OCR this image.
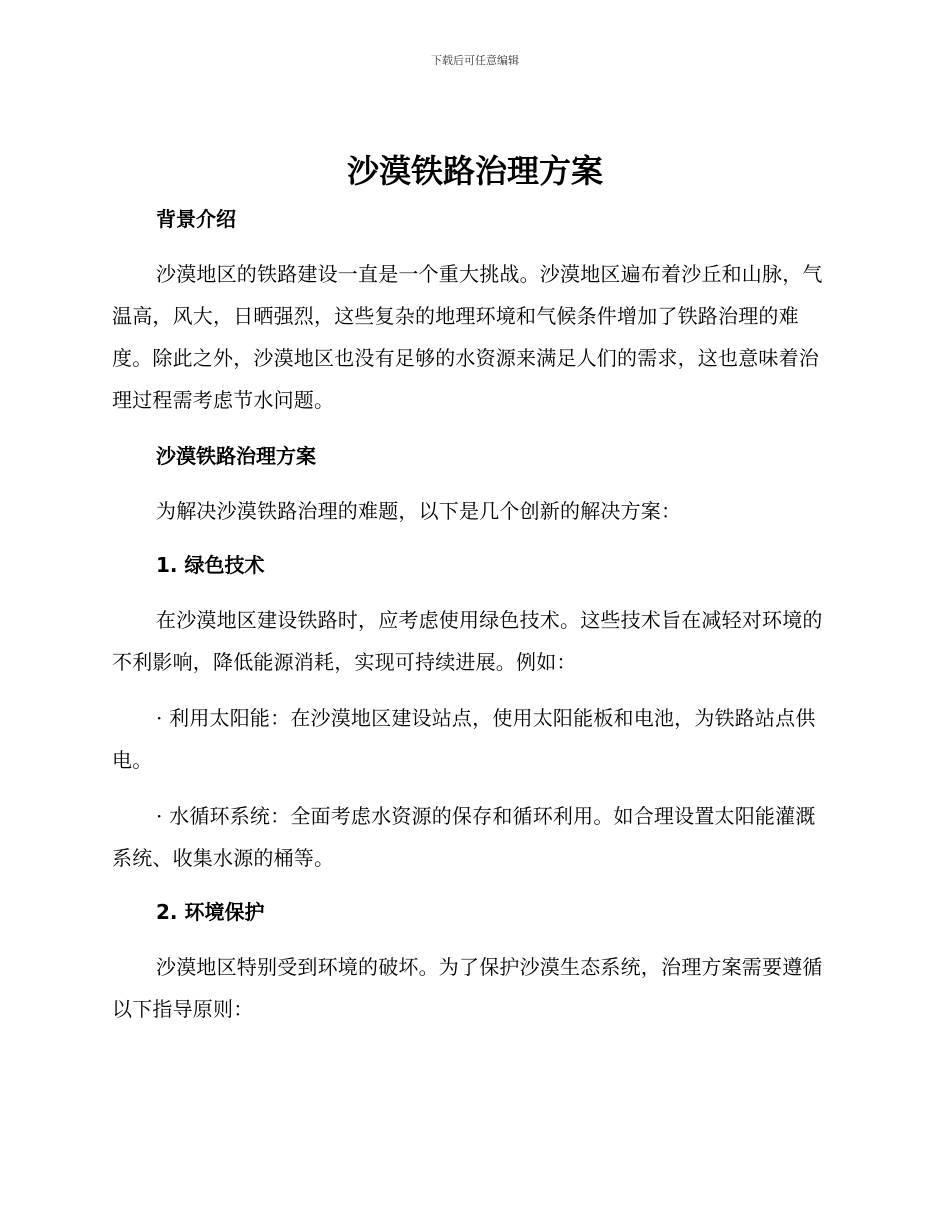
下载后可任意编辑
沙漠铁路治理方案
背景介绍

沙漠地区的铁路建设一直是一个重大挑战。沙漠地区遍布着沙丘和山脉，气温高，风大，日晒强烈，这些复杂的地理环境和气候条件增加了铁路治理的难度。除此之外，沙漠地区也没有足够的水资源来满足人们的需求，这也意味着治理过程需考虑节水问题。

沙漠铁路治理方案

为解决沙漠铁路治理的难题，以下是几个创新的解决方案：

1. 绿色技术

在沙漠地区建设铁路时，应考虑使用绿色技术。这些技术旨在减轻对环境的不利影响，降低能源消耗，实现可持续进展。例如：

· 利用太阳能：在沙漠地区建设站点，使用太阳能板和电池，为铁路站点供电。

· 水循环系统：全面考虑水资源的保存和循环利用。如合理设置太阳能灌溉系统、收集水源的桶等。

2. 环境保护

沙漠地区特别受到环境的破坏。为了保护沙漠生态系统，治理方案需要遵循以下指导原则：
